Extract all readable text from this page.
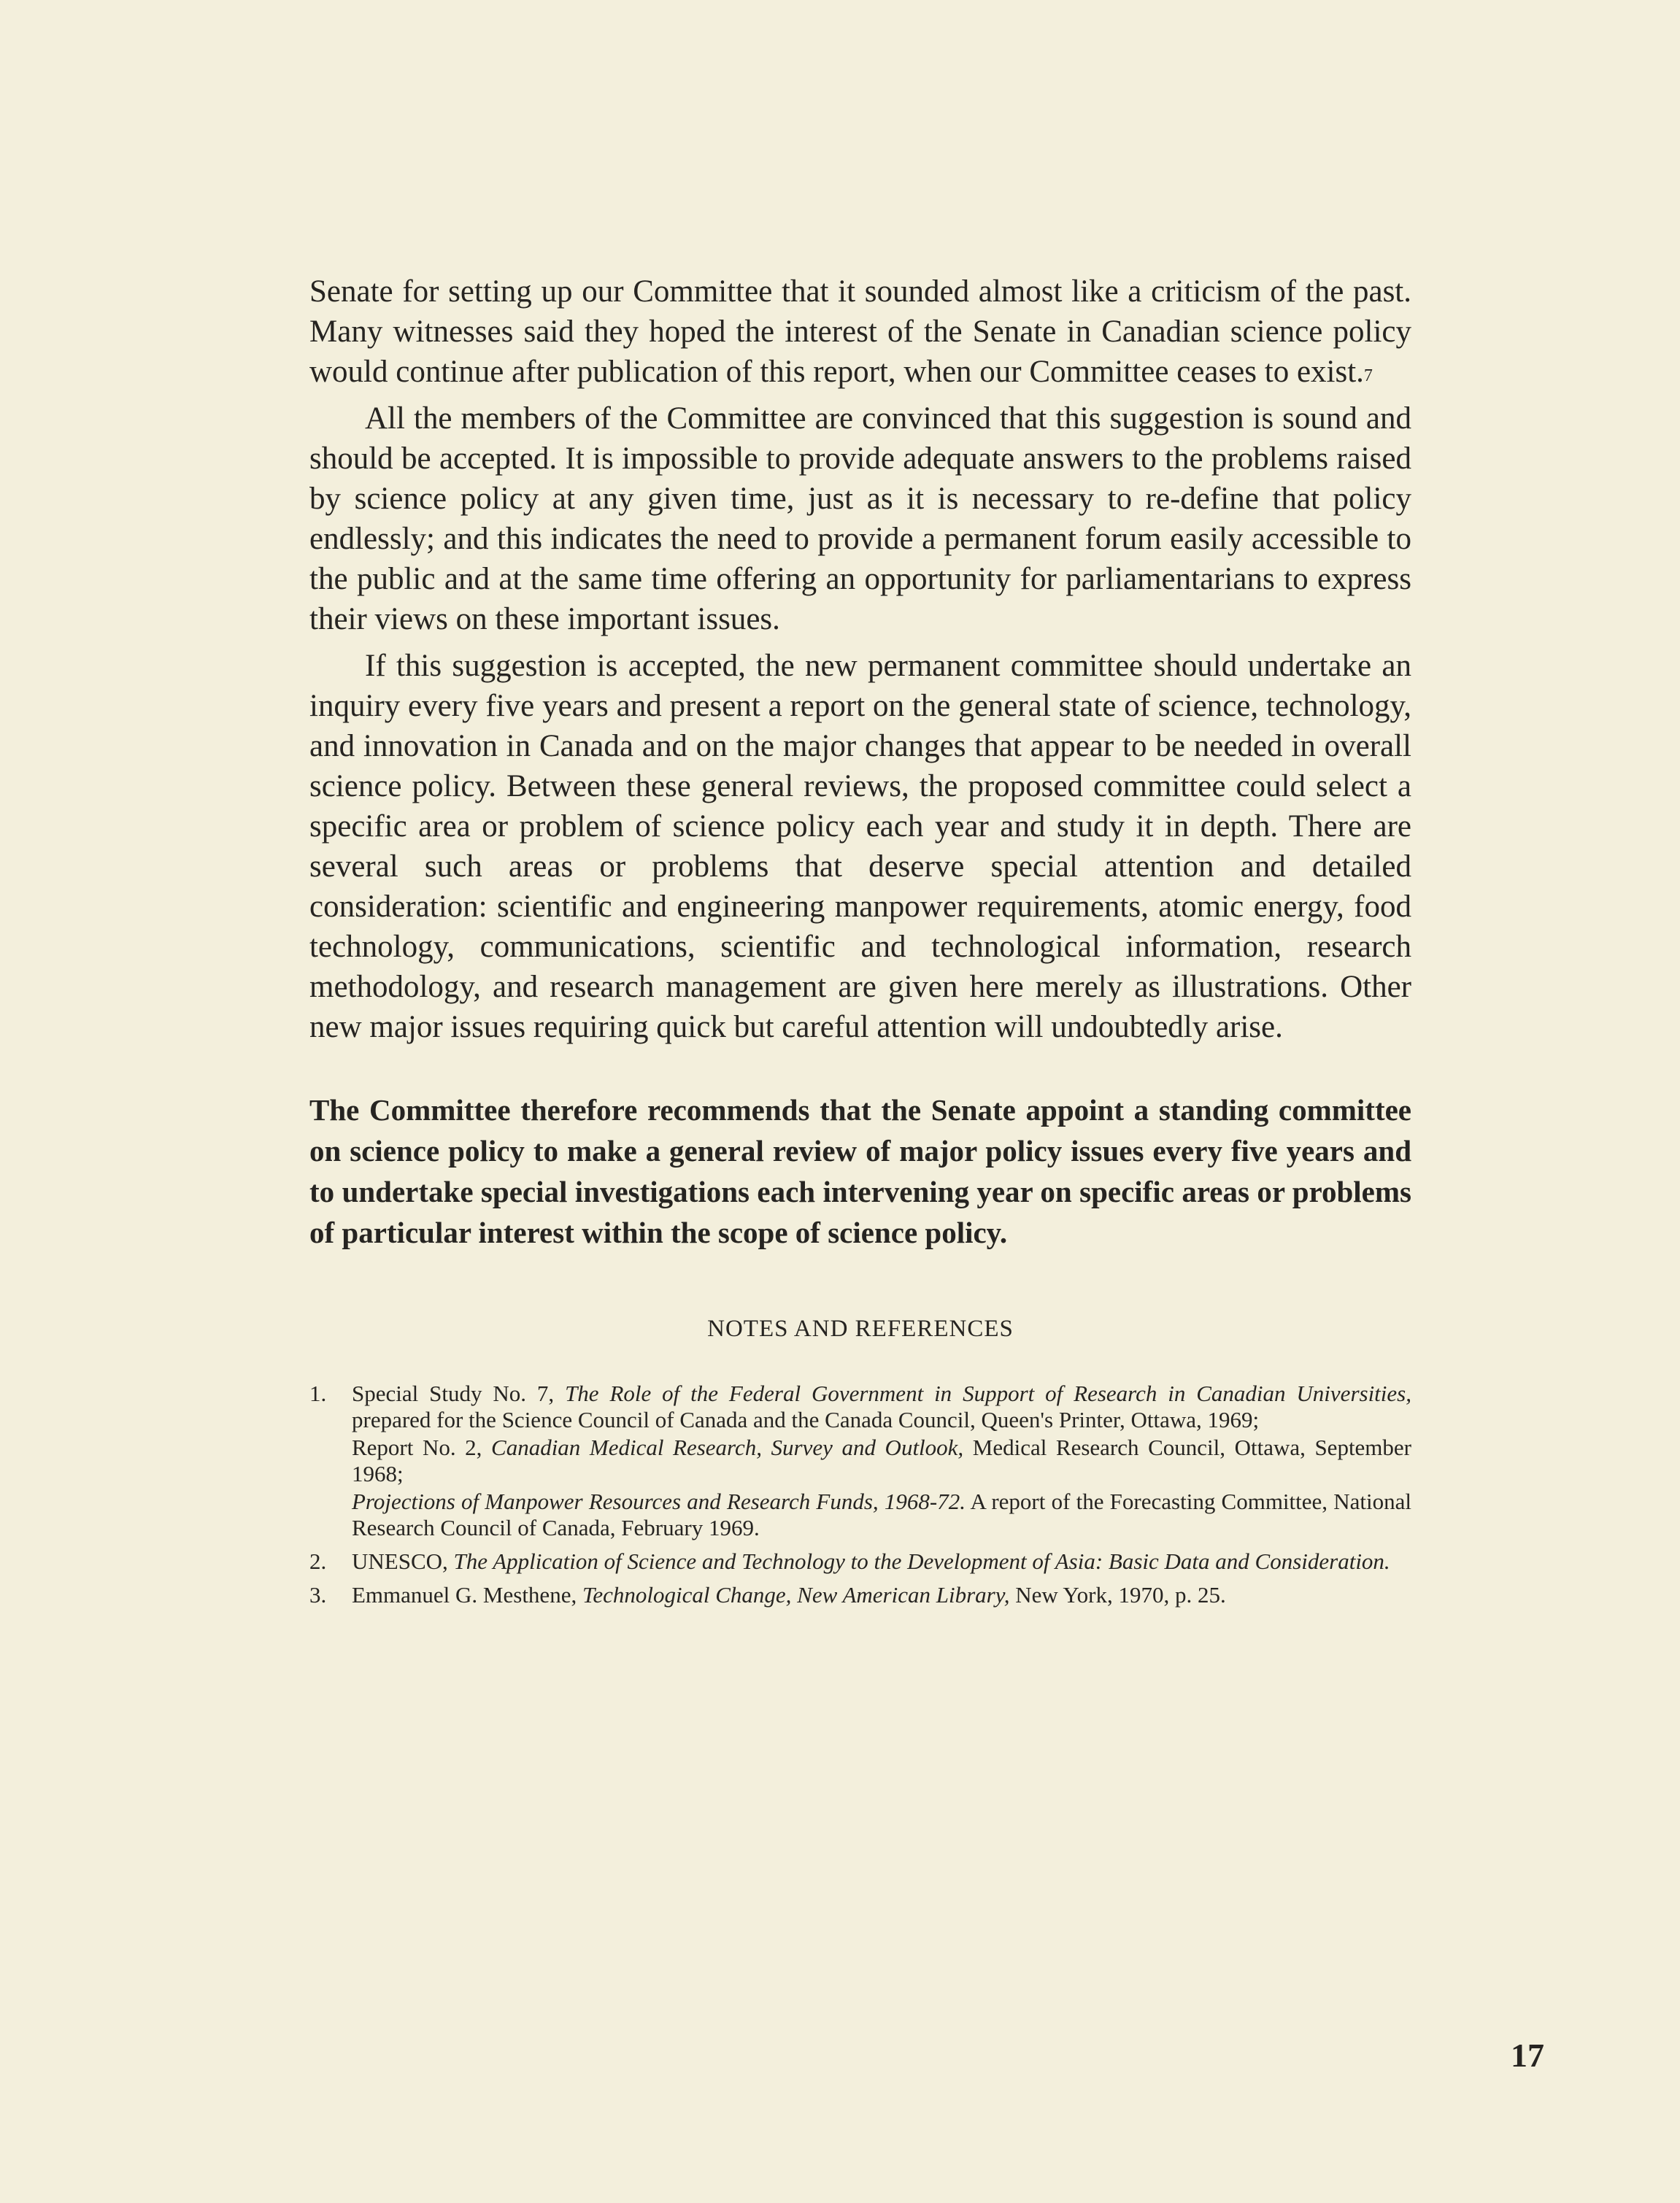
Senate for setting up our Committee that it sounded almost like a criticism of the past. Many witnesses said they hoped the interest of the Senate in Canadian science policy would continue after publication of this report, when our Committee ceases to exist.$^7$

All the members of the Committee are convinced that this suggestion is sound and should be accepted. It is impossible to provide adequate answers to the problems raised by science policy at any given time, just as it is necessary to re-define that policy endlessly; and this indicates the need to provide a permanent forum easily accessible to the public and at the same time offering an opportunity for parliamentarians to express their views on these important issues.

If this suggestion is accepted, the new permanent committee should undertake an inquiry every five years and present a report on the general state of science, technology, and innovation in Canada and on the major changes that appear to be needed in overall science policy. Between these general reviews, the proposed committee could select a specific area or problem of science policy each year and study it in depth. There are several such areas or problems that deserve special attention and detailed consideration: scientific and engineering manpower requirements, atomic energy, food technology, communications, scientific and technological information, research methodology, and research management are given here merely as illustrations. Other new major issues requiring quick but careful attention will undoubtedly arise.

The Committee therefore recommends that the Senate appoint a standing committee on science policy to make a general review of major policy issues every five years and to undertake special investigations each intervening year on specific areas or problems of particular interest within the scope of science policy.

NOTES AND REFERENCES
1. Special Study No. 7, The Role of the Federal Government in Support of Research in Canadian Universities, prepared for the Science Council of Canada and the Canada Council, Queen's Printer, Ottawa, 1969;
Report No. 2, Canadian Medical Research, Survey and Outlook, Medical Research Council, Ottawa, September 1968;
Projections of Manpower Resources and Research Funds, 1968-72. A report of the Forecasting Committee, National Research Council of Canada, February 1969.
2. UNESCO, The Application of Science and Technology to the Development of Asia: Basic Data and Consideration.
3. Emmanuel G. Mesthene, Technological Change, New American Library, New York, 1970, p. 25.
17
